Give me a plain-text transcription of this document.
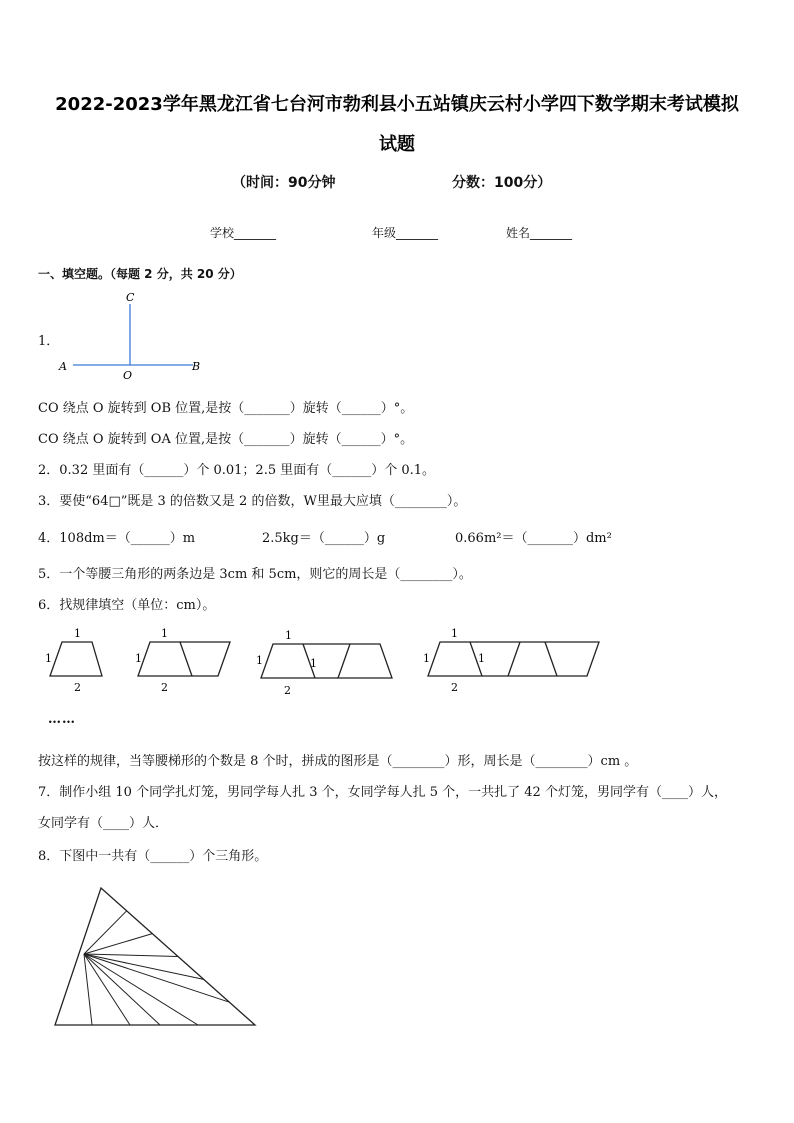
2022-2023学年黑龙江省七台河市勃利县小五站镇庆云村小学四下数学期末考试模拟
试题
（时间：90分钟	分数：100分）
学校_______	年级_______	姓名_______
一、填空题。（每题 2 分，共 20 分）
1．
A	B
C
O
CO 绕点 O 旋转到 OB 位置,是按（_______）旋转（______）°。
CO 绕点 O 旋转到 OA 位置,是按（_______）旋转（______）°。
2．0.32 里面有（______）个 0.01；2.5 里面有（______）个 0.1。
3．要使“64□”既是 3 的倍数又是 2 的倍数，W里最大应填（________）。
4．108dm＝（______）m	2.5kg＝（______）g	0.66m²＝（_______）dm²
5．一个等腰三角形的两条边是 3cm 和 5cm，则它的周长是（________）。
6．找规律填空（单位：cm）。
1
1
2
1
1
2
1
1	1
2
1
1	1
2
……
按这样的规律，当等腰梯形的个数是 8 个时，拼成的图形是（________）形，周长是（________）cm 。
7．制作小组 10 个同学扎灯笼，男同学每人扎 3 个，女同学每人扎 5 个，一共扎了 42 个灯笼，男同学有（____）人，
女同学有（____）人．
8．下图中一共有（______）个三角形。
